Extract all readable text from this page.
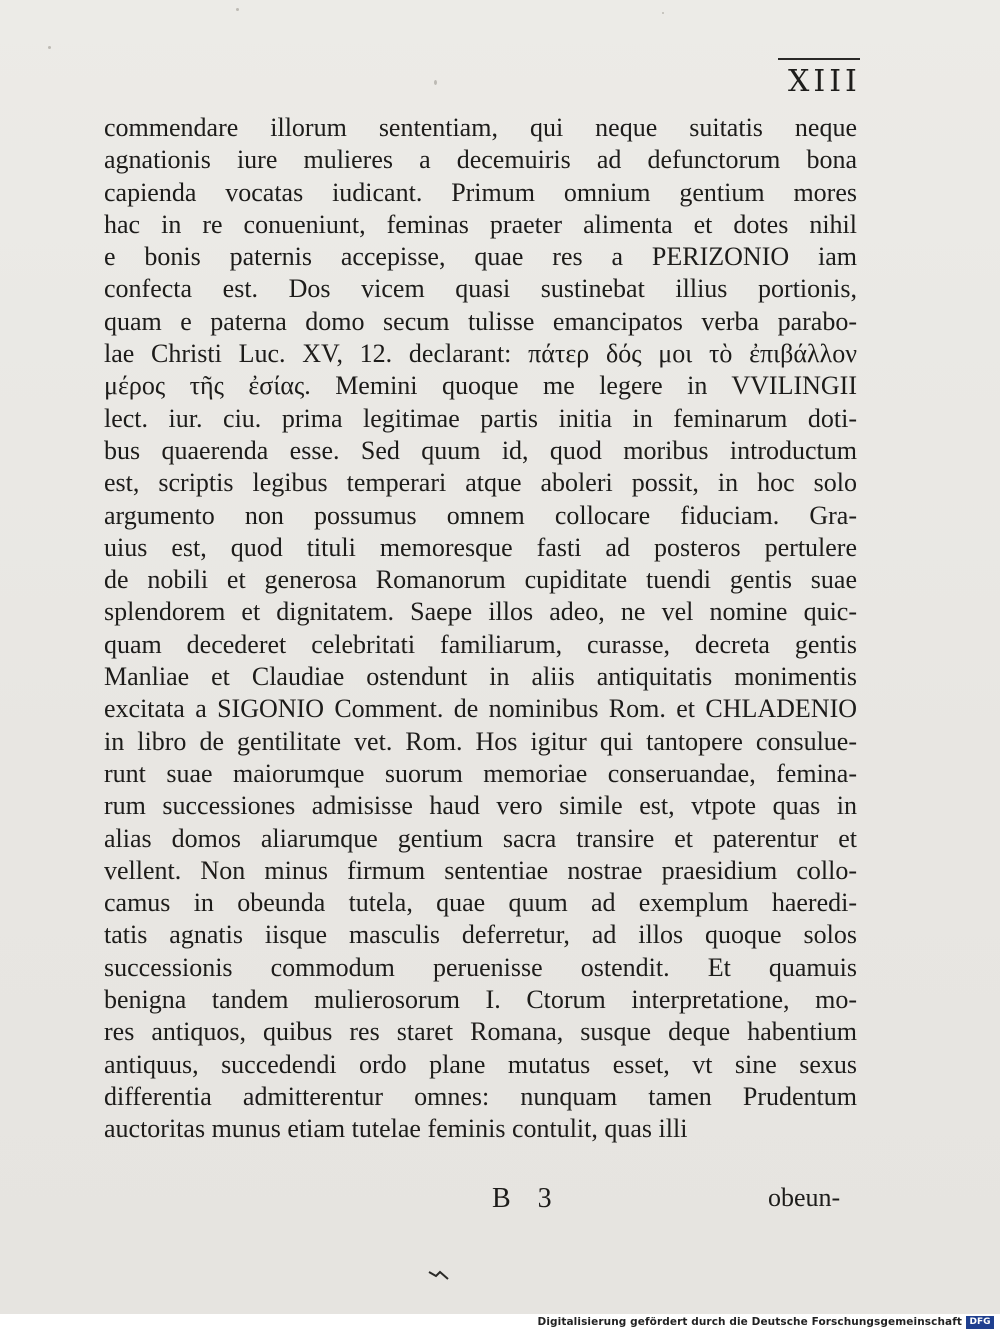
XIII
commendare illorum sententiam, qui neque suitatis neque
agnationis iure mulieres a decemuiris ad defunctorum bona
capienda vocatas iudicant. Primum omnium gentium mores
hac in re conueniunt, feminas praeter alimenta et dotes nihil
e bonis paternis accepisse, quae res a PERIZONIO iam
confecta est. Dos vicem quasi sustinebat illius portionis,
quam e paterna domo secum tulisse emancipatos verba parabo-
lae Christi Luc. XV, 12. declarant: πάτερ δός μοι τὸ ἐπιβάλλον
μέρος τῆς ἐσίας. Memini quoque me legere in VVILINGII
lect. iur. ciu. prima legitimae partis initia in feminarum doti-
bus quaerenda esse. Sed quum id, quod moribus introductum
est, scriptis legibus temperari atque aboleri possit, in hoc solo
argumento non possumus omnem collocare fiduciam. Gra-
uius est, quod tituli memoresque fasti ad posteros pertulere
de nobili et generosa Romanorum cupiditate tuendi gentis suae
splendorem et dignitatem. Saepe illos adeo, ne vel nomine quic-
quam decederet celebritati familiarum, curasse, decreta gentis
Manliae et Claudiae ostendunt in aliis antiquitatis monimentis
excitata a SIGONIO Comment. de nominibus Rom. et CHLADENIO
in libro de gentilitate vet. Rom. Hos igitur qui tantopere consulue-
runt suae maiorumque suorum memoriae conseruandae, femina-
rum successiones admisisse haud vero simile est, vtpote quas in
alias domos aliarumque gentium sacra transire et paterentur et
vellent. Non minus firmum sententiae nostrae praesidium collo-
camus in obeunda tutela, quae quum ad exemplum haeredi-
tatis agnatis iisque masculis deferretur, ad illos quoque solos
successionis commodum peruenisse ostendit. Et quamuis
benigna tandem mulierosorum I. Ctorum interpretatione, mo-
res antiquos, quibus res staret Romana, susque deque habentium
antiquus, succedendi ordo plane mutatus esset, vt sine sexus
differentia admitterentur omnes: nunquam tamen Prudentum
auctoritas munus etiam tutelae feminis contulit, quas illi
B 3	obeun-
Digitalisierung gefördert durch die Deutsche Forschungsgemeinschaft DFG
